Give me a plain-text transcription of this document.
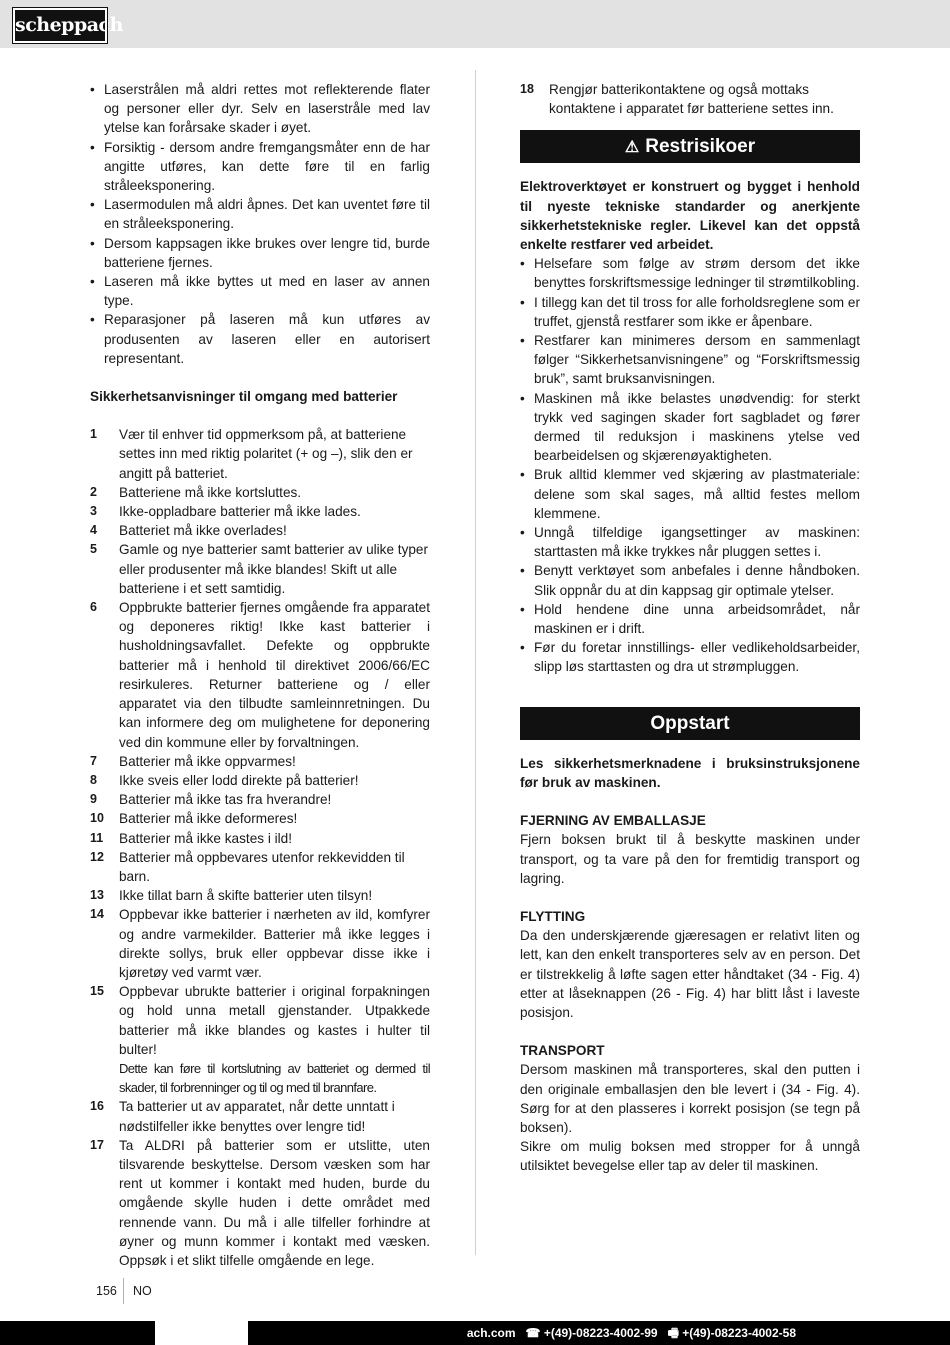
scheppach
• Laserstrålen må aldri rettes mot reflekterende flater og personer eller dyr. Selv en laserstråle med lav ytelse kan forårsake skader i øyet.
• Forsiktig - dersom andre fremgangsmåter enn de har angitte utføres, kan dette føre til en farlig stråleeksponering.
• Lasermodulen må aldri åpnes. Det kan uventet føre til en stråleeksponering.
• Dersom kappsagen ikke brukes over lengre tid, burde batteriene fjernes.
• Laseren må ikke byttes ut med en laser av annen type.
• Reparasjoner på laseren må kun utføres av produsenten av laseren eller en autorisert representant.
Sikkerhetsanvisninger til omgang med batterier
1 Vær til enhver tid oppmerksom på, at batteriene settes inn med riktig polaritet (+ og –), slik den er angitt på batteriet.
2 Batteriene må ikke kortsluttes.
3 Ikke-oppladbare batterier må ikke lades.
4 Batteriet må ikke overlades!
5 Gamle og nye batterier samt batterier av ulike typer eller produsenter må ikke blandes! Skift ut alle batteriene i et sett samtidig.
6 Oppbrukte batterier fjernes omgående fra apparatet og deponeres riktig! Ikke kast batterier i husholdningsavfallet. Defekte og oppbrukte batterier må i henhold til direktivet 2006/66/EC resirkuleres. Returner batteriene og / eller apparatet via den tilbudte samleinnretningen. Du kan informere deg om mulighetene for deponering ved din kommune eller by forvaltningen.
7 Batterier må ikke oppvarmes!
8 Ikke sveis eller lodd direkte på batterier!
9 Batterier må ikke tas fra hverandre!
10 Batterier må ikke deformeres!
11 Batterier må ikke kastes i ild!
12 Batterier må oppbevares utenfor rekkevidden til barn.
13 Ikke tillat barn å skifte batterier uten tilsyn!
14 Oppbevar ikke batterier i nærheten av ild, komfyrer og andre varmekilder. Batterier må ikke legges i direkte sollys, bruk eller oppbevar disse ikke i kjøretøy ved varmt vær.
15 Oppbevar ubrukte batterier i original forpakningen og hold unna metall gjenstander. Utpakkede batterier må ikke blandes og kastes i hulter til bulter!
Dette kan føre til kortslutning av batteriet og dermed til skader, til forbrenninger og til og med til brannfare.
16 Ta batterier ut av apparatet, når dette unntatt i nødstilfeller ikke benyttes over lengre tid!
17 Ta ALDRI på batterier som er utslitte, uten tilsvarende beskyttelse. Dersom væsken som har rent ut kommer i kontakt med huden, burde du omgående skylle huden i dette området med rennende vann. Du må i alle tilfeller forhindre at øyner og munn kommer i kontakt med væsken. Oppsøk i et slikt tilfelle omgående en lege.
18 Rengjør batterikontaktene og også mottaks kontaktene i apparatet før batteriene settes inn.
⚠ Restrisikoer
Elektroverktøyet er konstruert og bygget i henhold til nyeste tekniske standarder og anerkjente sikkerhetstekniske regler. Likevel kan det oppstå enkelte restfarer ved arbeidet.
• Helsefare som følge av strøm dersom det ikke benyttes forskriftsmessige ledninger til strømtilkobling.
• I tillegg kan det til tross for alle forholdsreglene som er truffet, gjenstå restfarer som ikke er åpenbare.
• Restfarer kan minimeres dersom en sammenlagt følger “Sikkerhetsanvisningene” og “Forskriftsmessig bruk”, samt bruksanvisningen.
• Maskinen må ikke belastes unødvendig: for sterkt trykk ved sagingen skader fort sagbladet og fører dermed til reduksjon i maskinens ytelse ved bearbeidelsen og skjærenøyaktigheten.
• Bruk alltid klemmer ved skjæring av plastmateriale: delene som skal sages, må alltid festes mellom klemmene.
• Unngå tilfeldige igangsettinger av maskinen: starttasten må ikke trykkes når pluggen settes i.
• Benytt verktøyet som anbefales i denne håndboken. Slik oppnår du at din kappsag gir optimale ytelser.
• Hold hendene dine unna arbeidsområdet, når maskinen er i drift.
• Før du foretar innstillings- eller vedlikeholdsarbeider, slipp løs starttasten og dra ut strømpluggen.
Oppstart
Les sikkerhetsmerknadene i bruksinstruksjonene før bruk av maskinen.
FJERNING AV EMBALLASJE
Fjern boksen brukt til å beskytte maskinen under transport, og ta vare på den for fremtidig transport og lagring.
FLYTTING
Da den underskjærende gjæresagen er relativt liten og lett, kan den enkelt transporteres selv av en person. Det er tilstrekkelig å løfte sagen etter håndtaket (34 - Fig. 4) etter at låseknappen (26 - Fig. 4) har blitt låst i laveste posisjon.
TRANSPORT
Dersom maskinen må transporteres, skal den putten i den originale emballasjen den ble levert i (34 - Fig. 4). Sørg for at den plasseres i korrekt posisjon (se tegn på boksen).
Sikre om mulig boksen med stropper for å unngå utilsiktet bevegelse eller tap av deler til maskinen.
156 NO
ach.com ☎ +(49)-08223-4002-99 🖷 +(49)-08223-4002-58
